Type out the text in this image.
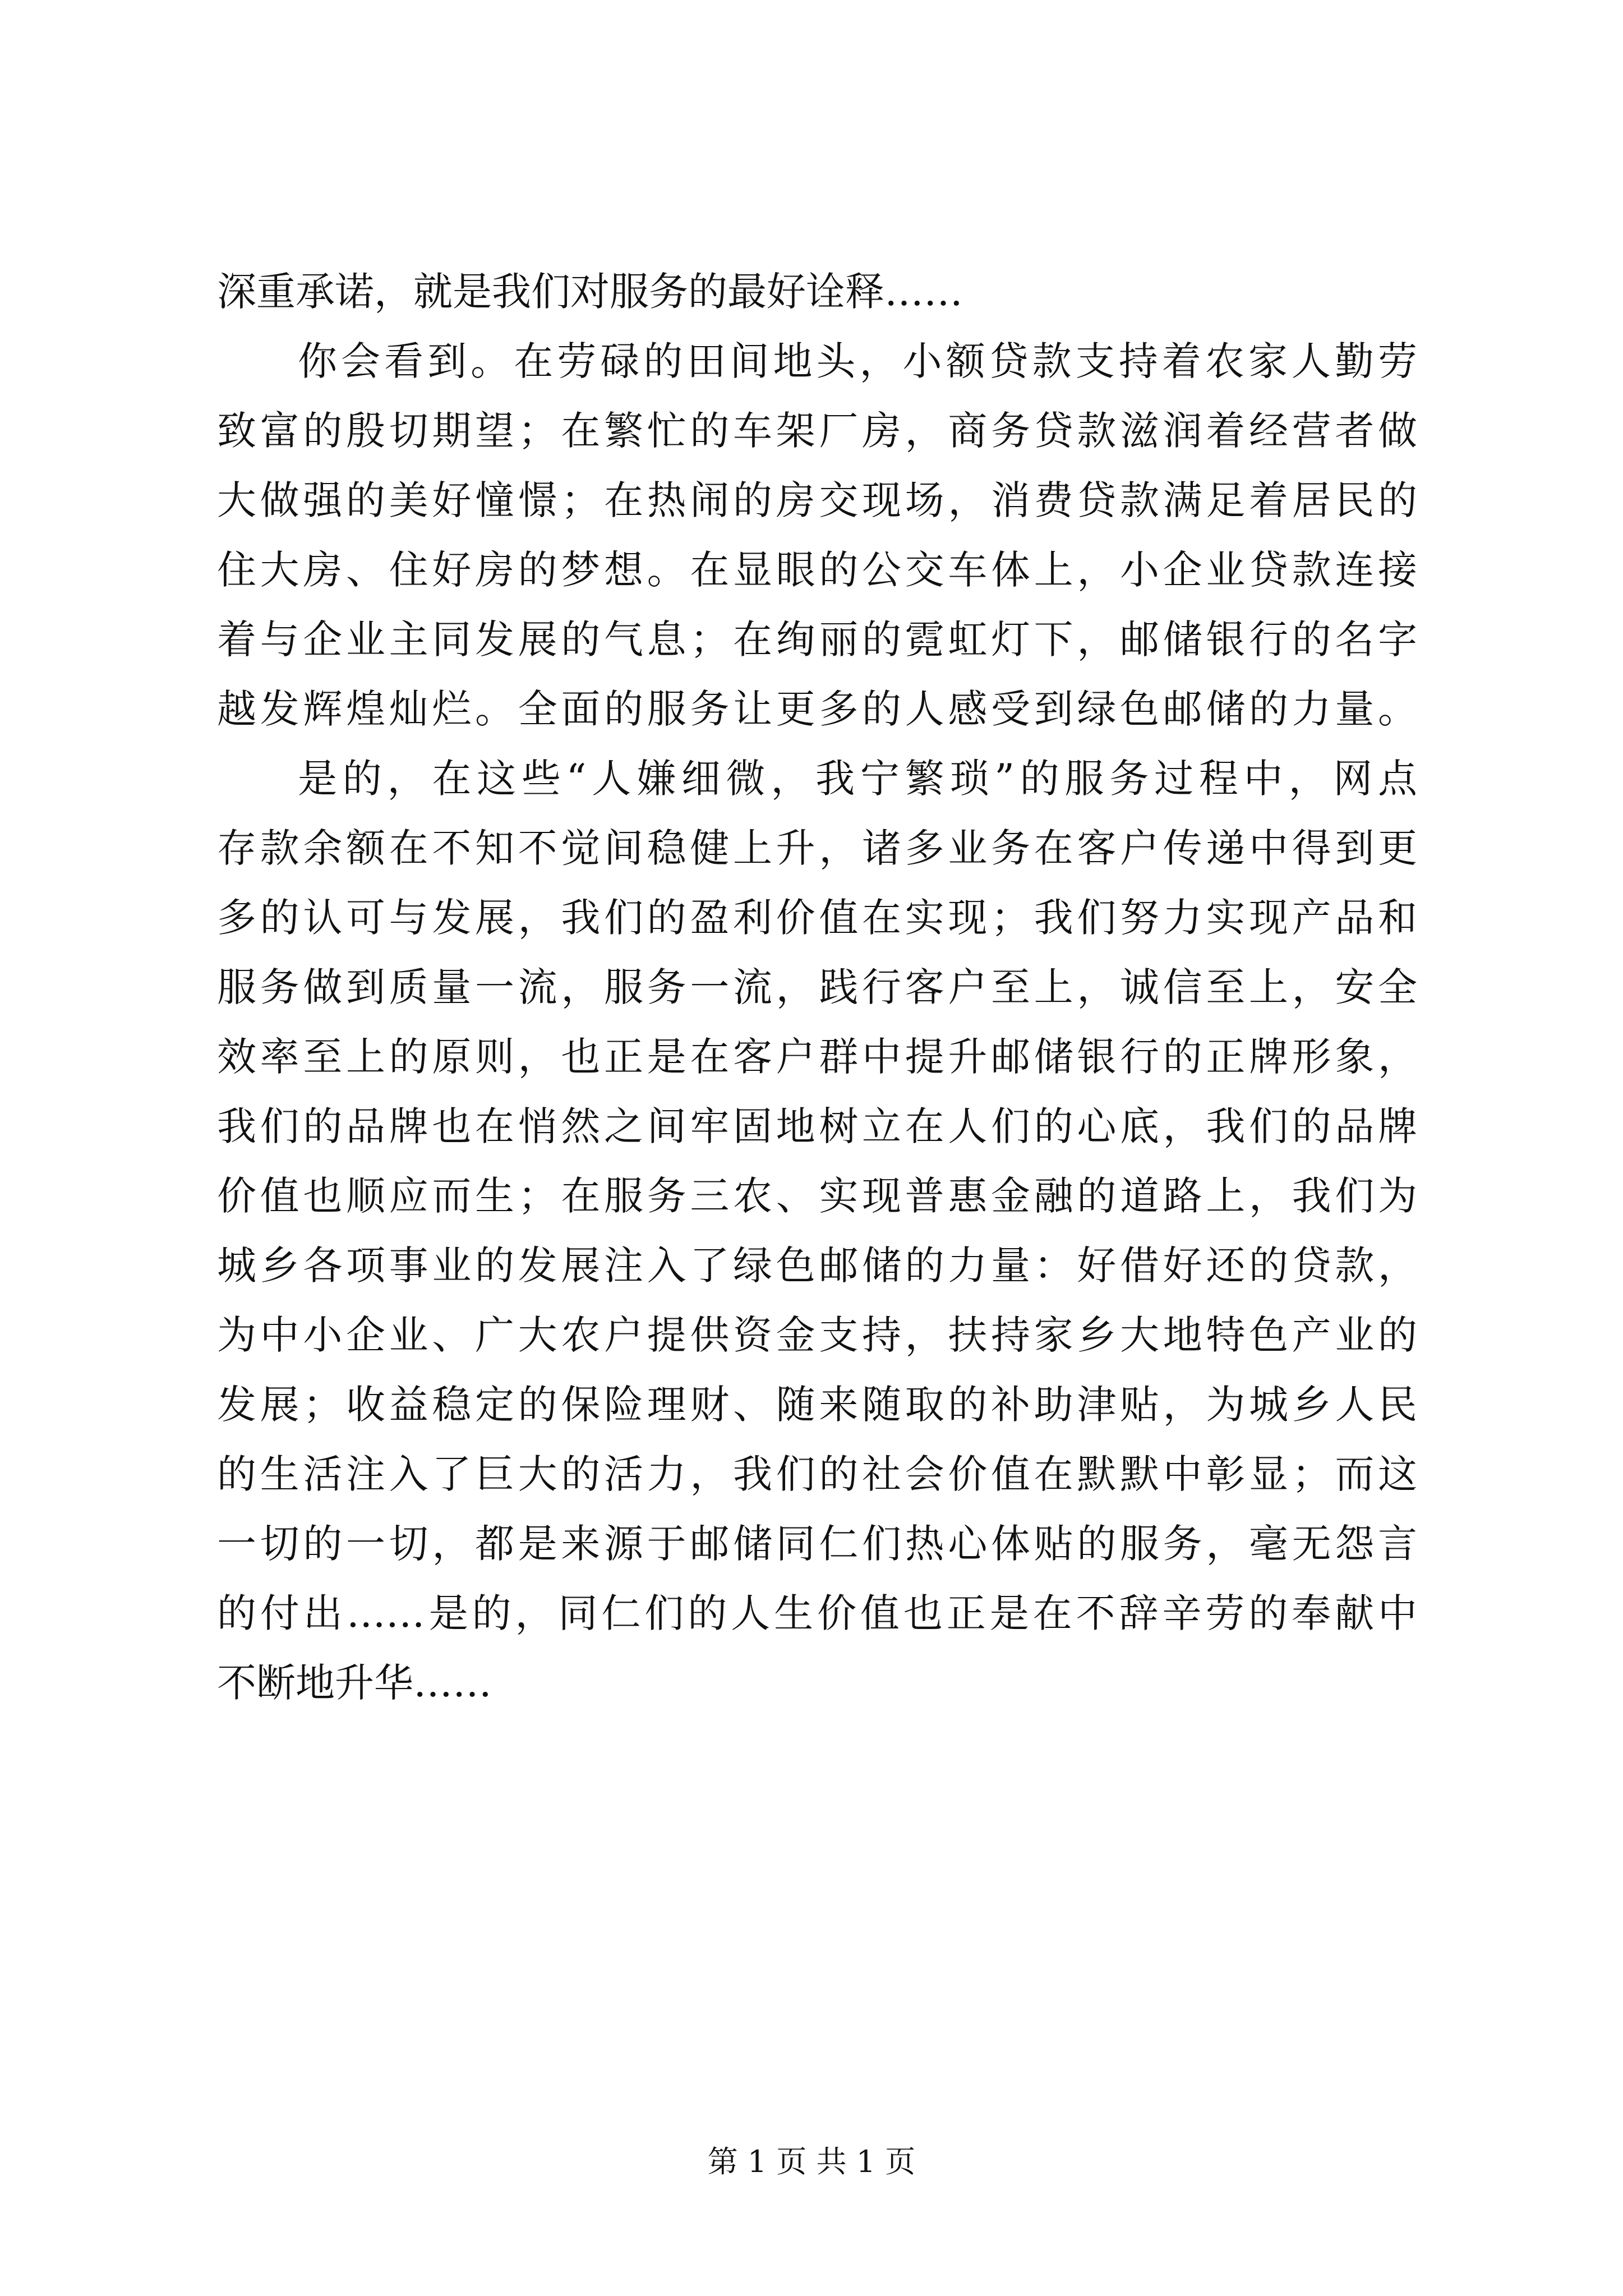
深重承诺，就是我们对服务的最好诠释……
你会看到。在劳碌的田间地头，小额贷款支持着农家人勤劳
致富的殷切期望；在繁忙的车架厂房，商务贷款滋润着经营者做
大做强的美好憧憬；在热闹的房交现场，消费贷款满足着居民的
住大房、住好房的梦想。在显眼的公交车体上，小企业贷款连接
着与企业主同发展的气息；在绚丽的霓虹灯下，邮储银行的名字
越发辉煌灿烂。全面的服务让更多的人感受到绿色邮储的力量。
是的，在这些“人嫌细微，我宁繁琐”的服务过程中，网点
存款余额在不知不觉间稳健上升，诸多业务在客户传递中得到更
多的认可与发展，我们的盈利价值在实现；我们努力实现产品和
服务做到质量一流，服务一流，践行客户至上，诚信至上，安全
效率至上的原则，也正是在客户群中提升邮储银行的正牌形象，
我们的品牌也在悄然之间牢固地树立在人们的心底，我们的品牌
价值也顺应而生；在服务三农、实现普惠金融的道路上，我们为
城乡各项事业的发展注入了绿色邮储的力量：好借好还的贷款，
为中小企业、广大农户提供资金支持，扶持家乡大地特色产业的
发展；收益稳定的保险理财、随来随取的补助津贴，为城乡人民
的生活注入了巨大的活力，我们的社会价值在默默中彰显；而这
一切的一切，都是来源于邮储同仁们热心体贴的服务，毫无怨言
的付出……是的，同仁们的人生价值也正是在不辞辛劳的奉献中
不断地升华……
第 1 页 共 1 页
